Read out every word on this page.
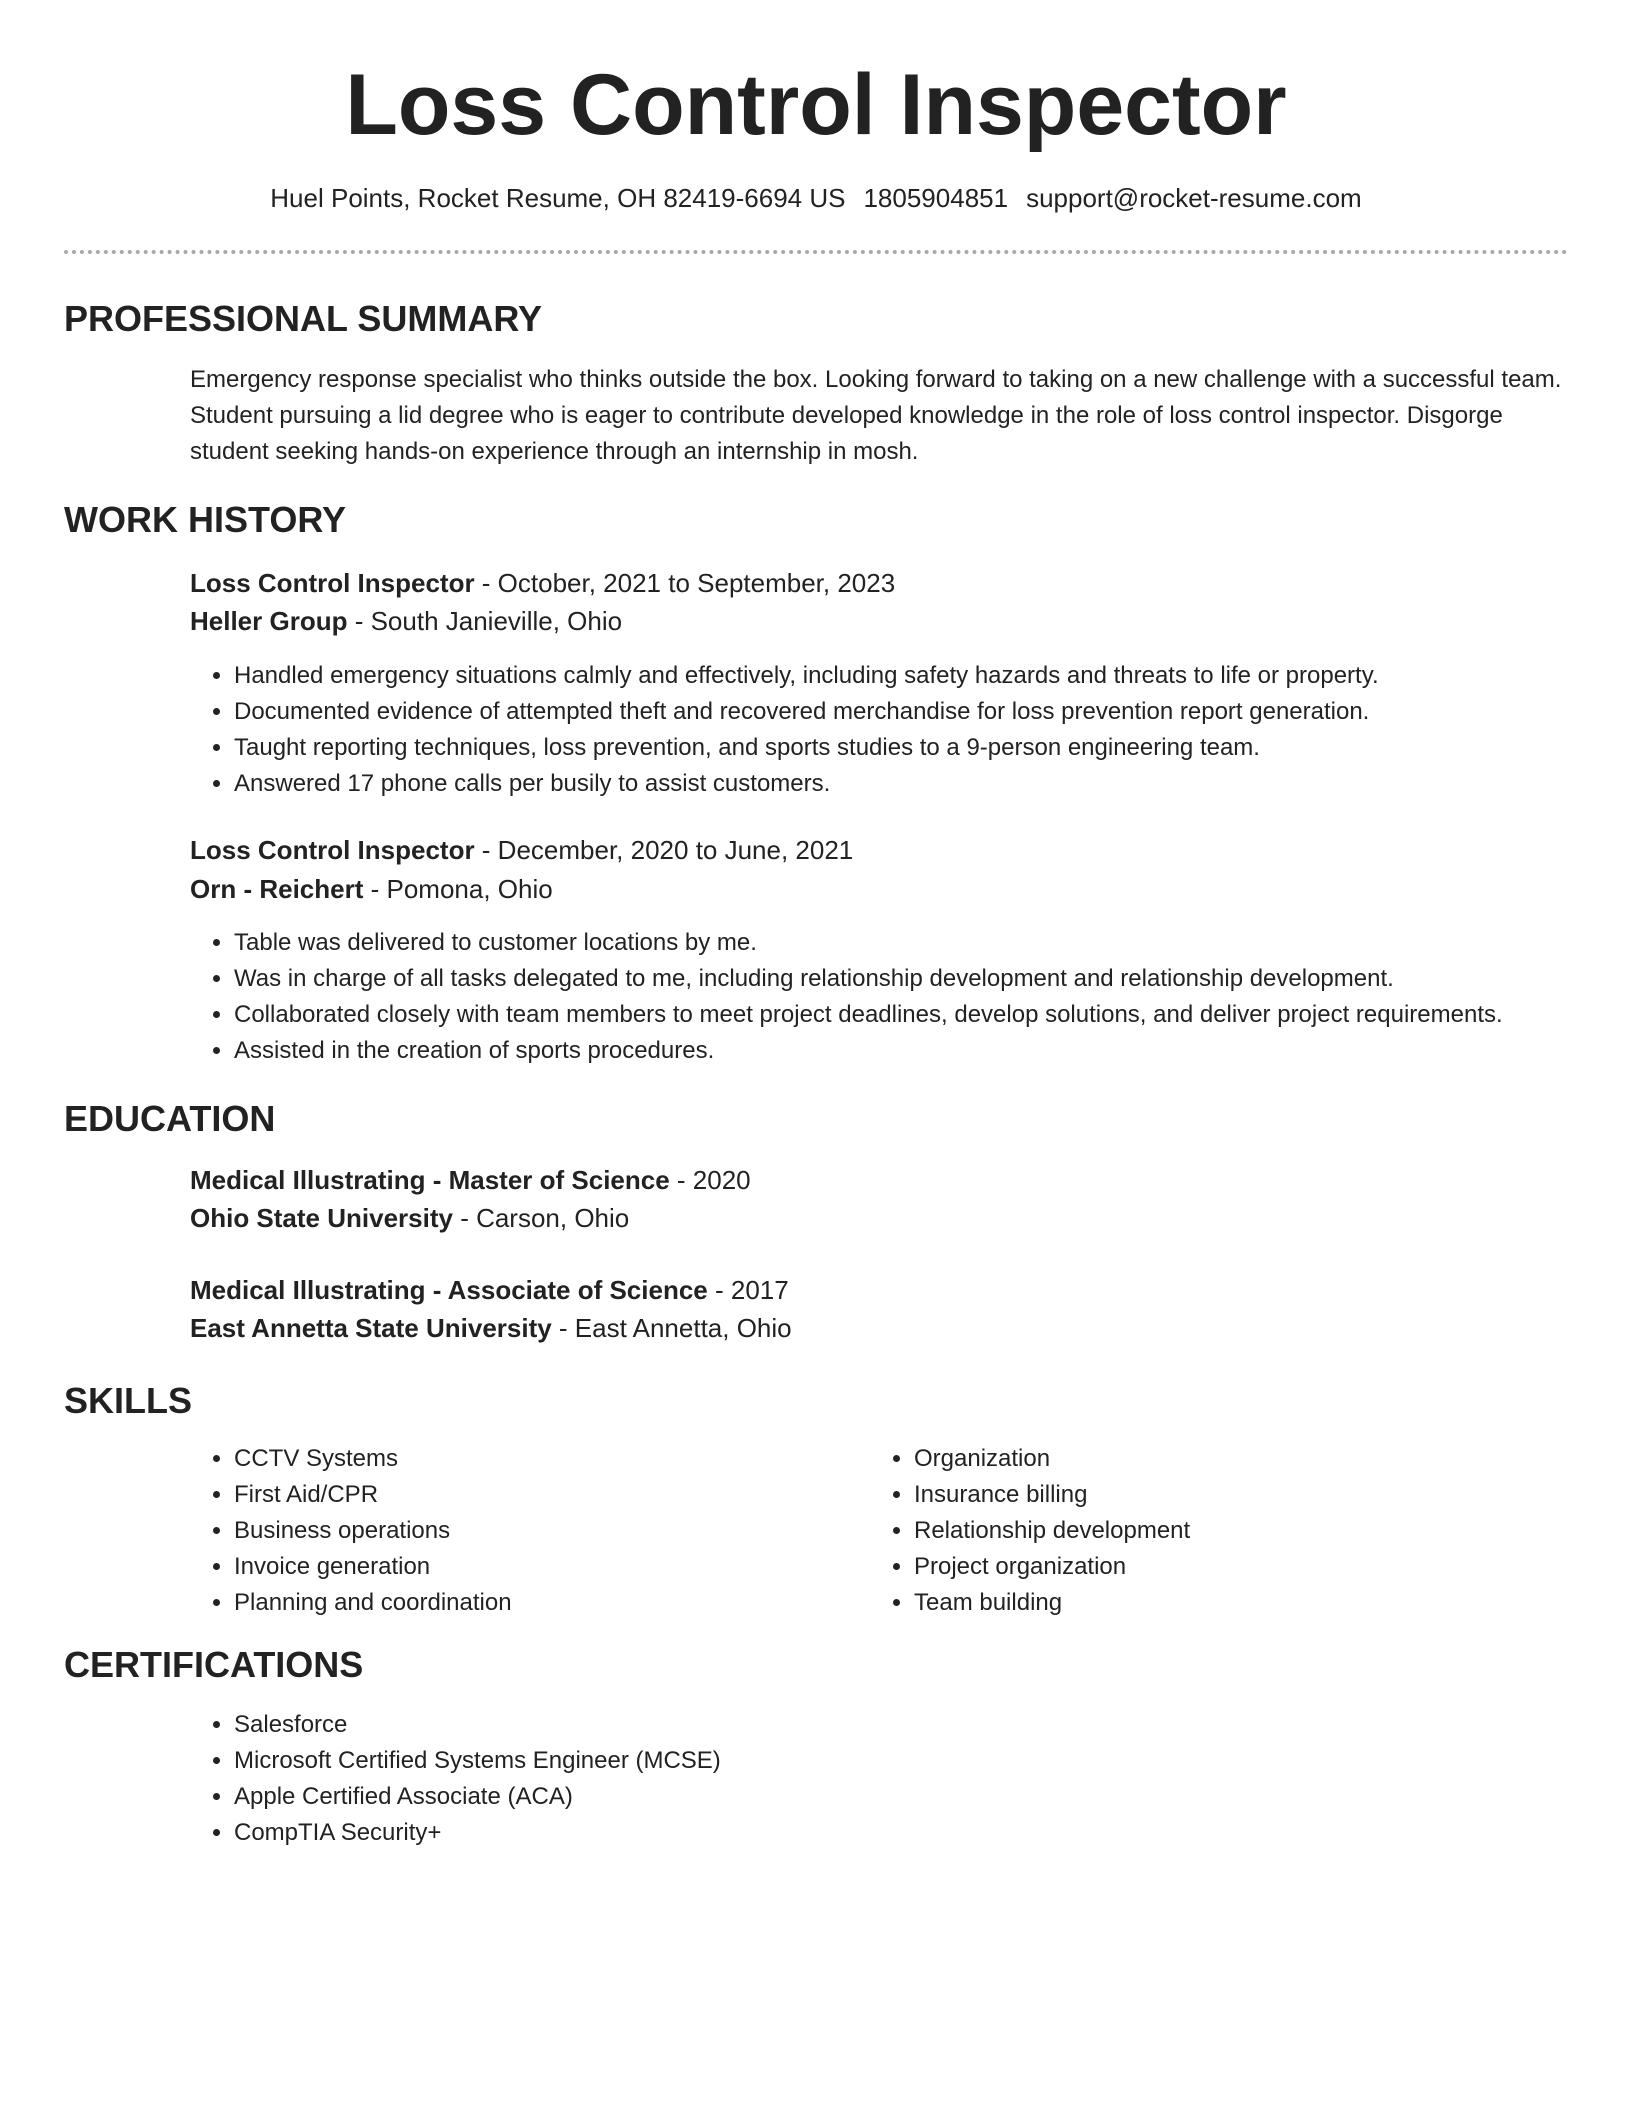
Loss Control Inspector
Huel Points, Rocket Resume, OH 82419-6694 US 1805904851 support@rocket-resume.com
PROFESSIONAL SUMMARY
Emergency response specialist who thinks outside the box. Looking forward to taking on a new challenge with a successful team. Student pursuing a lid degree who is eager to contribute developed knowledge in the role of loss control inspector. Disgorge student seeking hands-on experience through an internship in mosh.
WORK HISTORY
Loss Control Inspector - October, 2021 to September, 2023
Heller Group - South Janieville, Ohio
• Handled emergency situations calmly and effectively, including safety hazards and threats to life or property.
• Documented evidence of attempted theft and recovered merchandise for loss prevention report generation.
• Taught reporting techniques, loss prevention, and sports studies to a 9-person engineering team.
• Answered 17 phone calls per busily to assist customers.
Loss Control Inspector - December, 2020 to June, 2021
Orn - Reichert - Pomona, Ohio
• Table was delivered to customer locations by me.
• Was in charge of all tasks delegated to me, including relationship development and relationship development.
• Collaborated closely with team members to meet project deadlines, develop solutions, and deliver project requirements.
• Assisted in the creation of sports procedures.
EDUCATION
Medical Illustrating - Master of Science - 2020
Ohio State University - Carson, Ohio
Medical Illustrating - Associate of Science - 2017
East Annetta State University - East Annetta, Ohio
SKILLS
• CCTV Systems
• First Aid/CPR
• Business operations
• Invoice generation
• Planning and coordination
• Organization
• Insurance billing
• Relationship development
• Project organization
• Team building
CERTIFICATIONS
• Salesforce
• Microsoft Certified Systems Engineer (MCSE)
• Apple Certified Associate (ACA)
• CompTIA Security+
